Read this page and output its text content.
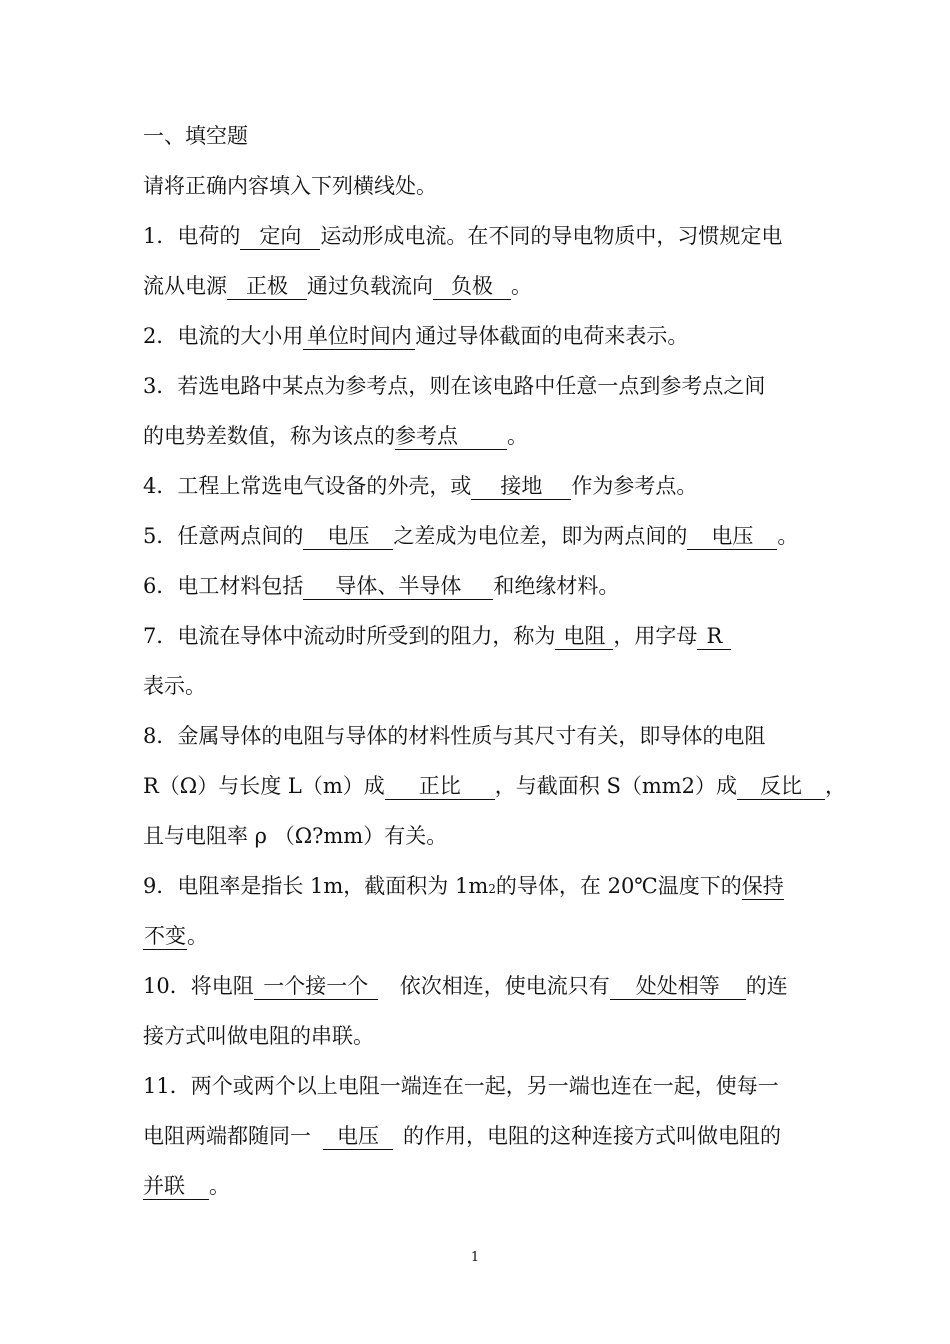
一、填空题
请将正确内容填入下列横线处。
1．电荷的 定向 运动形成电流。在不同的导电物质中，习惯规定电
流从电源 正极 通过负载流向 负极 。
2．电流的大小用 单位时间内 通过导体截面的电荷来表示。
3．若选电路中某点为参考点，则在该电路中任意一点到参考点之间
的电势差数值，称为该点的参考点 。
4．工程上常选电气设备的外壳，或 接地 作为参考点。
5．任意两点间的 电压 之差成为电位差，即为两点间的 电压 。
6．电工材料包括 导体、半导体 和绝缘材料。
7．电流在导体中流动时所受到的阻力，称为 电阻 ，用字母 R
表示。
8．金属导体的电阻与导体的材料性质与其尺寸有关，即导体的电阻
R（Ω）与长度 L（m）成 正比 ，与截面积 S（mm2）成 反比 ，
且与电阻率 ρ （Ω?mm）有关。
9．电阻率是指长 1m，截面积为 1m2的导体，在 20℃温度下的保持
不变。
10．将电阻 一个接一个 依次相连，使电流只有 处处相等 的连
接方式叫做电阻的串联。
11．两个或两个以上电阻一端连在一起，另一端也连在一起，使每一
电阻两端都随同一 电压 的作用，电阻的这种连接方式叫做电阻的
并联 。
1
